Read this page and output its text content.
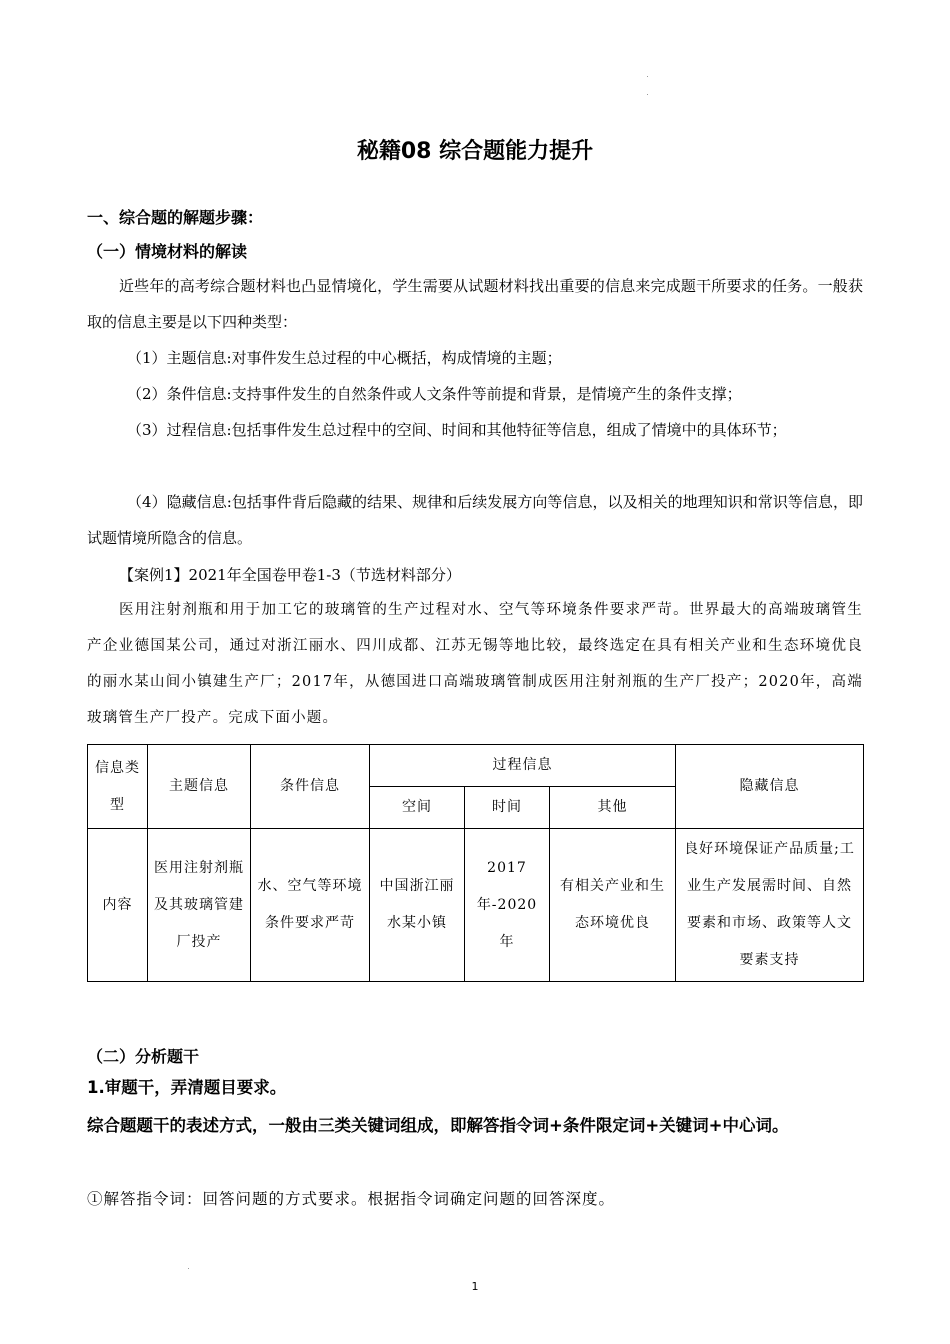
秘籍08 综合题能力提升
一、综合题的解题步骤：
（一）情境材料的解读
近些年的高考综合题材料也凸显情境化，学生需要从试题材料找出重要的信息来完成题干所要求的任务。一般获取的信息主要是以下四种类型：
（1）主题信息:对事件发生总过程的中心概括，构成情境的主题；
（2）条件信息:支持事件发生的自然条件或人文条件等前提和背景，是情境产生的条件支撑；
（3）过程信息:包括事件发生总过程中的空间、时间和其他特征等信息，组成了情境中的具体环节；
（4）隐藏信息:包括事件背后隐藏的结果、规律和后续发展方向等信息，以及相关的地理知识和常识等信息，即试题情境所隐含的信息。
【案例1】2021年全国卷甲卷1-3（节选材料部分）
医用注射剂瓶和用于加工它的玻璃管的生产过程对水、空气等环境条件要求严苛。世界最大的高端玻璃管生产企业德国某公司，通过对浙江丽水、四川成都、江苏无锡等地比较，最终选定在具有相关产业和生态环境优良的丽水某山间小镇建生产厂；2017年，从德国进口高端玻璃管制成医用注射剂瓶的生产厂投产；2020年，高端玻璃管生产厂投产。完成下面小题。
信息类型	主题信息	条件信息	过程信息			隐藏信息
			空间	时间	其他	
内容	医用注射剂瓶及其玻璃管建厂投产	水、空气等环境条件要求严苛	中国浙江丽水某小镇	2017年-2020年	有相关产业和生态环境优良	良好环境保证产品质量;工业生产发展需时间、自然要素和市场、政策等人文要素支持
（二）分析题干
1.审题干，弄清题目要求。
综合题题干的表述方式，一般由三类关键词组成，即解答指令词+条件限定词+关键词+中心词。
①解答指令词：回答问题的方式要求。根据指令词确定问题的回答深度。
1
